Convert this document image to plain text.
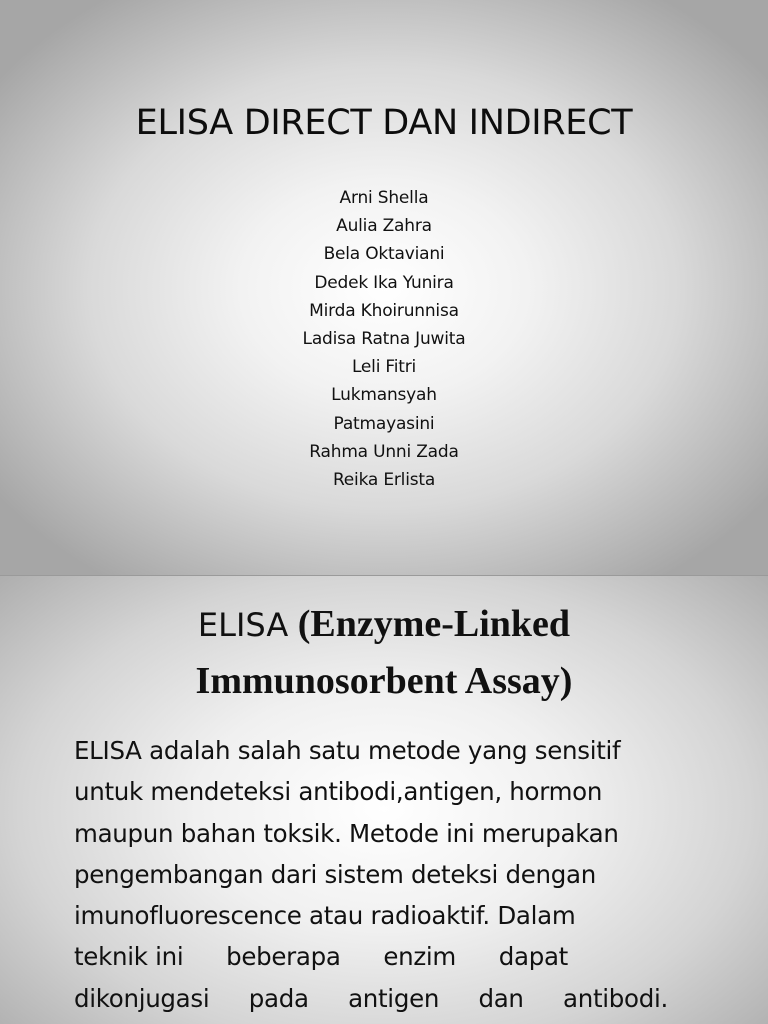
ELISA DIRECT DAN INDIRECT
Arni Shella
Aulia Zahra
Bela Oktaviani
Dedek Ika Yunira
Mirda Khoirunnisa
Ladisa Ratna Juwita
Leli Fitri
Lukmansyah
Patmayasini
Rahma Unni Zada
Reika Erlista
ELISA (Enzyme-Linked
Immunosorbent Assay)
ELISA adalah salah satu metode yang sensitif
untuk mendeteksi antibodi,antigen, hormon
maupun bahan toksik. Metode ini merupakan
pengembangan dari sistem deteksi dengan
imunofluorescence atau radioaktif. Dalam
teknik ini beberapa enzim dapat
dikonjugasi pada antigen dan antibodi.
